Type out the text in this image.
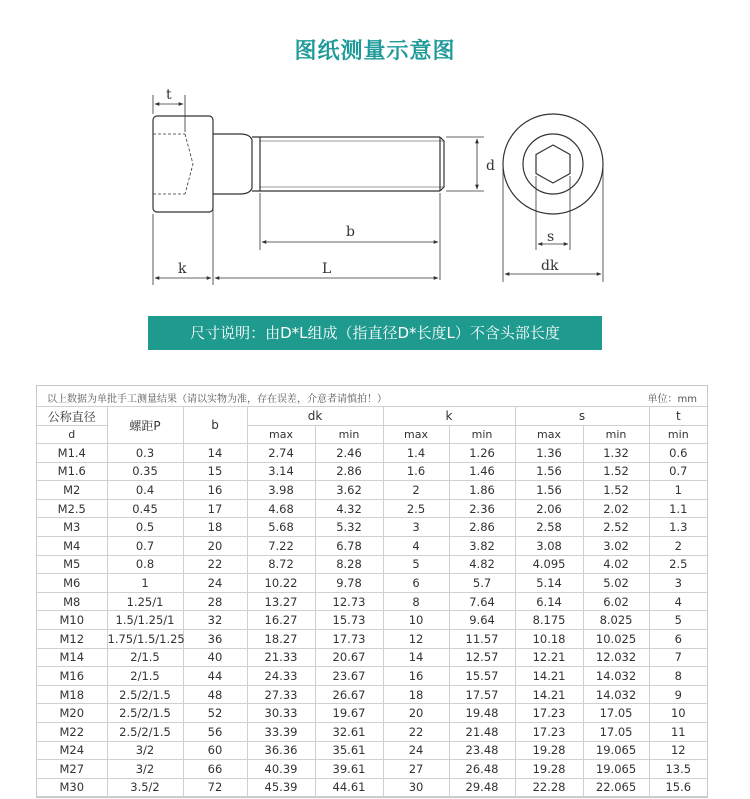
图纸测量示意图
t
d
b
k	L
s
dk
尺寸说明：由D*L组成（指直径D*长度L）不含头部长度
以上数据为单批手工测量结果（请以实物为准，存在误差，介意者请慎拍！）	单位：mm
公称直径	螺距P	b	dk		k		s		t
d			max	min	max	min	max	min	min
M1.4	0.3	14	2.74	2.46	1.4	1.26	1.36	1.32	0.6
M1.6	0.35	15	3.14	2.86	1.6	1.46	1.56	1.52	0.7
M2	0.4	16	3.98	3.62	2	1.86	1.56	1.52	1
M2.5	0.45	17	4.68	4.32	2.5	2.36	2.06	2.02	1.1
M3	0.5	18	5.68	5.32	3	2.86	2.58	2.52	1.3
M4	0.7	20	7.22	6.78	4	3.82	3.08	3.02	2
M5	0.8	22	8.72	8.28	5	4.82	4.095	4.02	2.5
M6	1	24	10.22	9.78	6	5.7	5.14	5.02	3
M8	1.25/1	28	13.27	12.73	8	7.64	6.14	6.02	4
M10	1.5/1.25/1	32	16.27	15.73	10	9.64	8.175	8.025	5
M12	1.75/1.5/1.25	36	18.27	17.73	12	11.57	10.18	10.025	6
M14	2/1.5	40	21.33	20.67	14	12.57	12.21	12.032	7
M16	2/1.5	44	24.33	23.67	16	15.57	14.21	14.032	8
M18	2.5/2/1.5	48	27.33	26.67	18	17.57	14.21	14.032	9
M20	2.5/2/1.5	52	30.33	19.67	20	19.48	17.23	17.05	10
M22	2.5/2/1.5	56	33.39	32.61	22	21.48	17.23	17.05	11
M24	3/2	60	36.36	35.61	24	23.48	19.28	19.065	12
M27	3/2	66	40.39	39.61	27	26.48	19.28	19.065	13.5
M30	3.5/2	72	45.39	44.61	30	29.48	22.28	22.065	15.6
